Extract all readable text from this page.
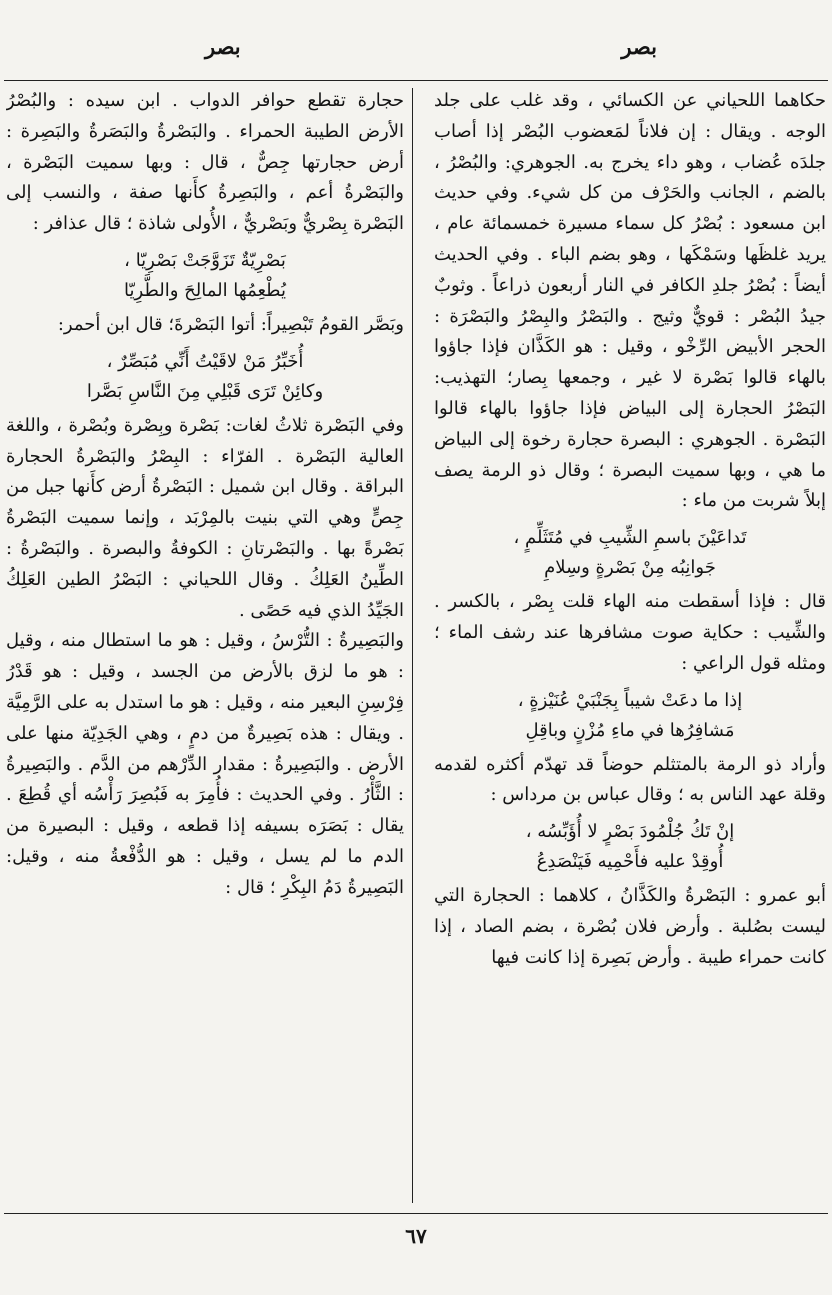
بصر
بصر

حكاهما اللحياني عن الكسائي ، وقد غلب على جلد الوجه . ويقال : إن فلاناً لمَعضوب البُصْر إذا أصاب جلدَه عُضاب ، وهو داء يخرج به. الجوهري: والبُصْرُ ، بالضم ، الجانب والحَرْف من كل شيء. وفي حديث ابن مسعود : بُصْرُ كل سماء مسيرة خمسمائة عام ، يريد غلظَها وسَمْكَها ، وهو بضم الباء . وفي الحديث أيضاً : بُصْرُ جلدِ الكافر في النار أربعون ذراعاً . وثوبٌ جيدُ البُصْر : قويٌّ وثيج . والبَصْرُ والبِصْرُ والبَصْرَة : الحجر الأبيض الرِّخْو ، وقيل : هو الكَذَّان فإذا جاؤوا بالهاء قالوا بَصْرة لا غير ، وجمعها بِصار؛ التهذيب: البَصْرُ الحجارة إلى البياض فإذا جاؤوا بالهاء قالوا البَصْرة . الجوهري : البصرة حجارة رخوة إلى البياض ما هي ، وبها سميت البصرة ؛ وقال ذو الرمة يصف إبلاً شربت من ماء :

تَداعَيْنَ باسمِ الشِّيبِ في مُتَثَلِّمٍ ،
جَوانِبُه مِنْ بَصْرةٍ وسِلامِ

قال : فإذا أسقطت منه الهاء قلت بِصْر ، بالكسر . والشِّيب : حكاية صوت مشافرها عند رشف الماء ؛ ومثله قول الراعي :

إذا ما دعَتْ شيباً بِجَنْبَيْ عُنَيْزةٍ ،
مَشافِرُها في ماءِ مُزْنٍ وباقِلِ

وأراد ذو الرمة بالمتثلم حوضاً قد تهدّم أكثره لقدمه وقلة عهد الناس به ؛ وقال عباس بن مرداس :

إنْ تَكُ جُلْمُودَ بَصْرٍ لا أُؤَبِّسُه ،
أُوقِدْ عليه فأَحْمِيه فَيَنْصَدِعُ

أبو عمرو : البَصْرةُ والكَذَّانُ ، كلاهما : الحجارة التي ليست بصُلبة . وأرض فلان بُصْرة ، بضم الصاد ، إذا كانت حمراء طيبة . وأرض بَصِرة إذا كانت فيها

حجارة تقطع حوافر الدواب . ابن سيده : والبُصْرُ الأرض الطيبة الحمراء . والبَصْرةُ والبَصَرةُ والبَصِرة : أرض حجارتها جِصٌّ ، قال : وبها سميت البَصْرة ، والبَصْرةُ أعم ، والبَصِرةُ كأَنها صفة ، والنسب إلى البَصْرة بِصْريٌّ وبَصْريٌّ ، الأُولى شاذة ؛ قال عذافر :

بَصْرِيّةٌ تَزَوَّجَتْ بَصْرِيّا ،
يُطْعِمُها المالِحَ والطَّرِيّا

وبَصَّر القومُ تَبْصِيراً: أتوا البَصْرةَ؛ قال ابن أحمر:

أُخَبِّرُ مَنْ لاقَيْتُ أَنِّي مُبَصِّرٌ ،
وكائِنْ تَرَى قَبْلِي مِنَ النَّاسِ بَصَّرا

وفي البَصْرة ثلاثُ لغات: بَصْرة وبِصْرة وبُصْرة ، واللغة العالية البَصْرة . الفرّاء : البِصْرُ والبَصْرةُ الحجارة البراقة . وقال ابن شميل : البَصْرةُ أرض كأَنها جبل من جِصٍّ وهي التي بنيت بالمِرْبَد ، وإنما سميت البَصْرةُ بَصْرةً بها . والبَصْرتانِ : الكوفةُ والبصرة . والبَصْرةُ : الطِّينُ العَلِكُ . وقال اللحياني : البَصْرُ الطين العَلِكُ الجَيِّدُ الذي فيه حَصًى .

والبَصِيرةُ : التُّرْسُ ، وقيل : هو ما استطال منه ، وقيل : هو ما لزق بالأرض من الجسد ، وقيل : هو قَدْرُ فِرْسِنِ البعير منه ، وقيل : هو ما استدل به على الرَّمِيَّة . ويقال : هذه بَصِيرةٌ من دمٍ ، وهي الجَدِيّة منها على الأرض . والبَصِيرةُ : مقدار الدِّرْهم من الدَّم . والبَصِيرةُ : الثَّأْرُ . وفي الحديث : فأُمِرَ به فَبُصِرَ رَأْسُه أي قُطِعَ . يقال : بَصَرَه بسيفه إذا قطعه ، وقيل : البصيرة من الدم ما لم يسل ، وقيل : هو الدُّفْعةُ منه ، وقيل: البَصِيرةُ دَمُ البِكْرِ ؛ قال :

٦٧
